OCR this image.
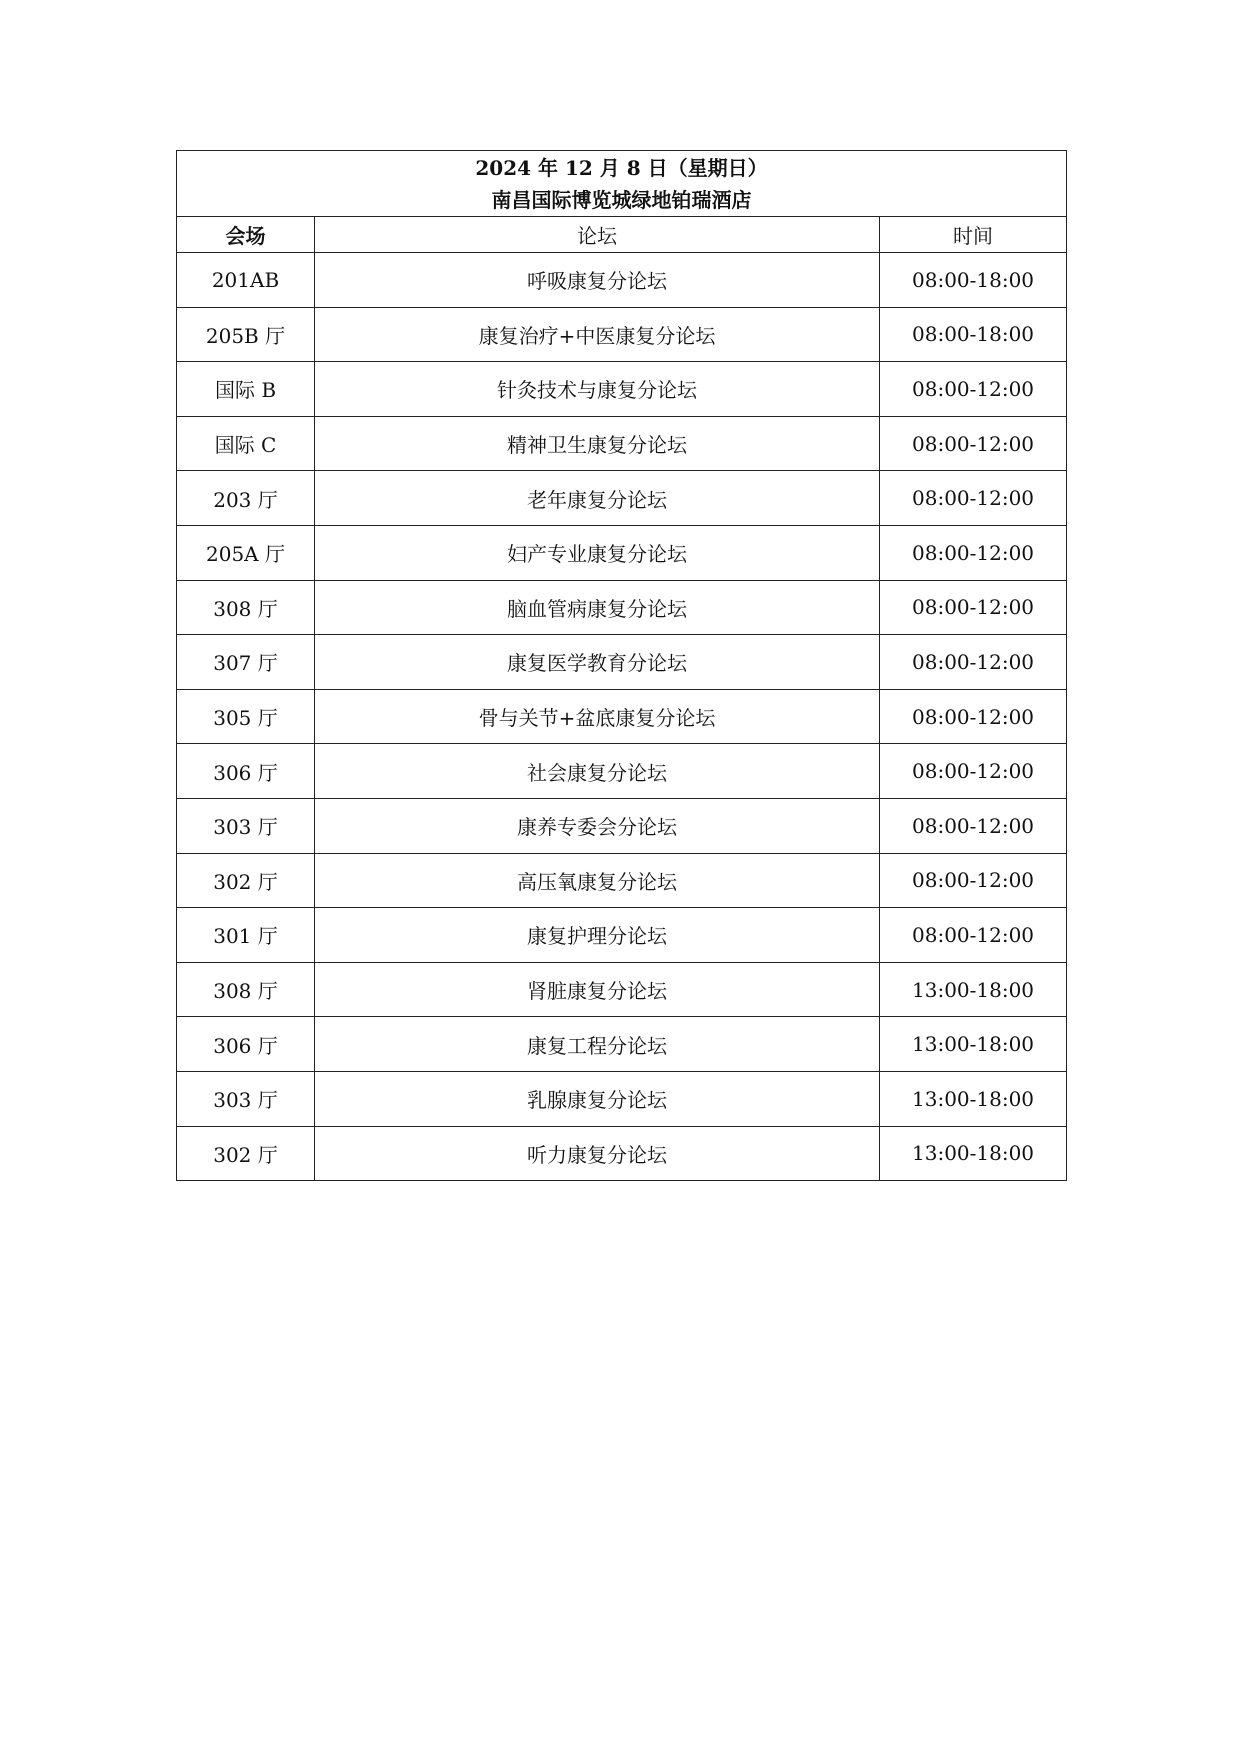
2024 年 12 月 8 日（星期日）
南昌国际博览城绿地铂瑞酒店		

会场	论坛	时间
201AB	呼吸康复分论坛	08:00-18:00
205B 厅	康复治疗+中医康复分论坛	08:00-18:00
国际 B	针灸技术与康复分论坛	08:00-12:00
国际 C	精神卫生康复分论坛	08:00-12:00
203 厅	老年康复分论坛	08:00-12:00
205A 厅	妇产专业康复分论坛	08:00-12:00
308 厅	脑血管病康复分论坛	08:00-12:00
307 厅	康复医学教育分论坛	08:00-12:00
305 厅	骨与关节+盆底康复分论坛	08:00-12:00
306 厅	社会康复分论坛	08:00-12:00
303 厅	康养专委会分论坛	08:00-12:00
302 厅	高压氧康复分论坛	08:00-12:00
301 厅	康复护理分论坛	08:00-12:00
308 厅	肾脏康复分论坛	13:00-18:00
306 厅	康复工程分论坛	13:00-18:00
303 厅	乳腺康复分论坛	13:00-18:00
302 厅	听力康复分论坛	13:00-18:00
